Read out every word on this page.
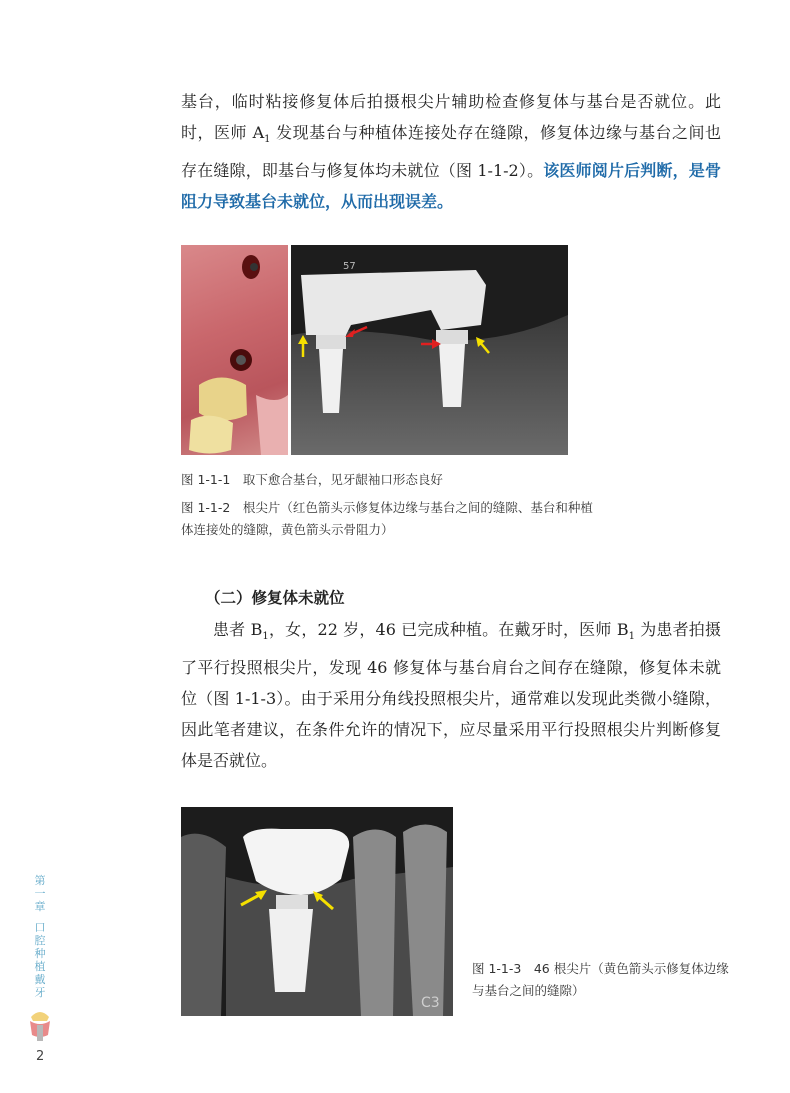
基台，临时粘接修复体后拍摄根尖片辅助检查修复体与基台是否就位。此时，医师 $A_1$ 发现基台与种植体连接处存在缝隙，修复体边缘与基台之间也存在缝隙，即基台与修复体均未就位（图 1-1-2）。该医师阅片后判断，是骨阻力导致基台未就位，从而出现误差。

57

图 1-1-1　取下愈合基台，见牙龈袖口形态良好

图 1-1-2　根尖片（红色箭头示修复体边缘与基台之间的缝隙、基台和种植体连接处的缝隙，黄色箭头示骨阻力）

（二）修复体未就位

患者 $B_1$，女，22 岁，46 已完成种植。在戴牙时，医师 $B_1$ 为患者拍摄了平行投照根尖片，发现 46 修复体与基台肩台之间存在缝隙，修复体未就位（图 1-1-3）。由于采用分角线投照根尖片，通常难以发现此类微小缝隙，因此笔者建议，在条件允许的情况下，应尽量采用平行投照根尖片判断修复体是否就位。

C3

图 1-1-3　46 根尖片（黄色箭头示修复体边缘与基台之间的缝隙）

第
一
章
口
腔
种
植
戴
牙
2
